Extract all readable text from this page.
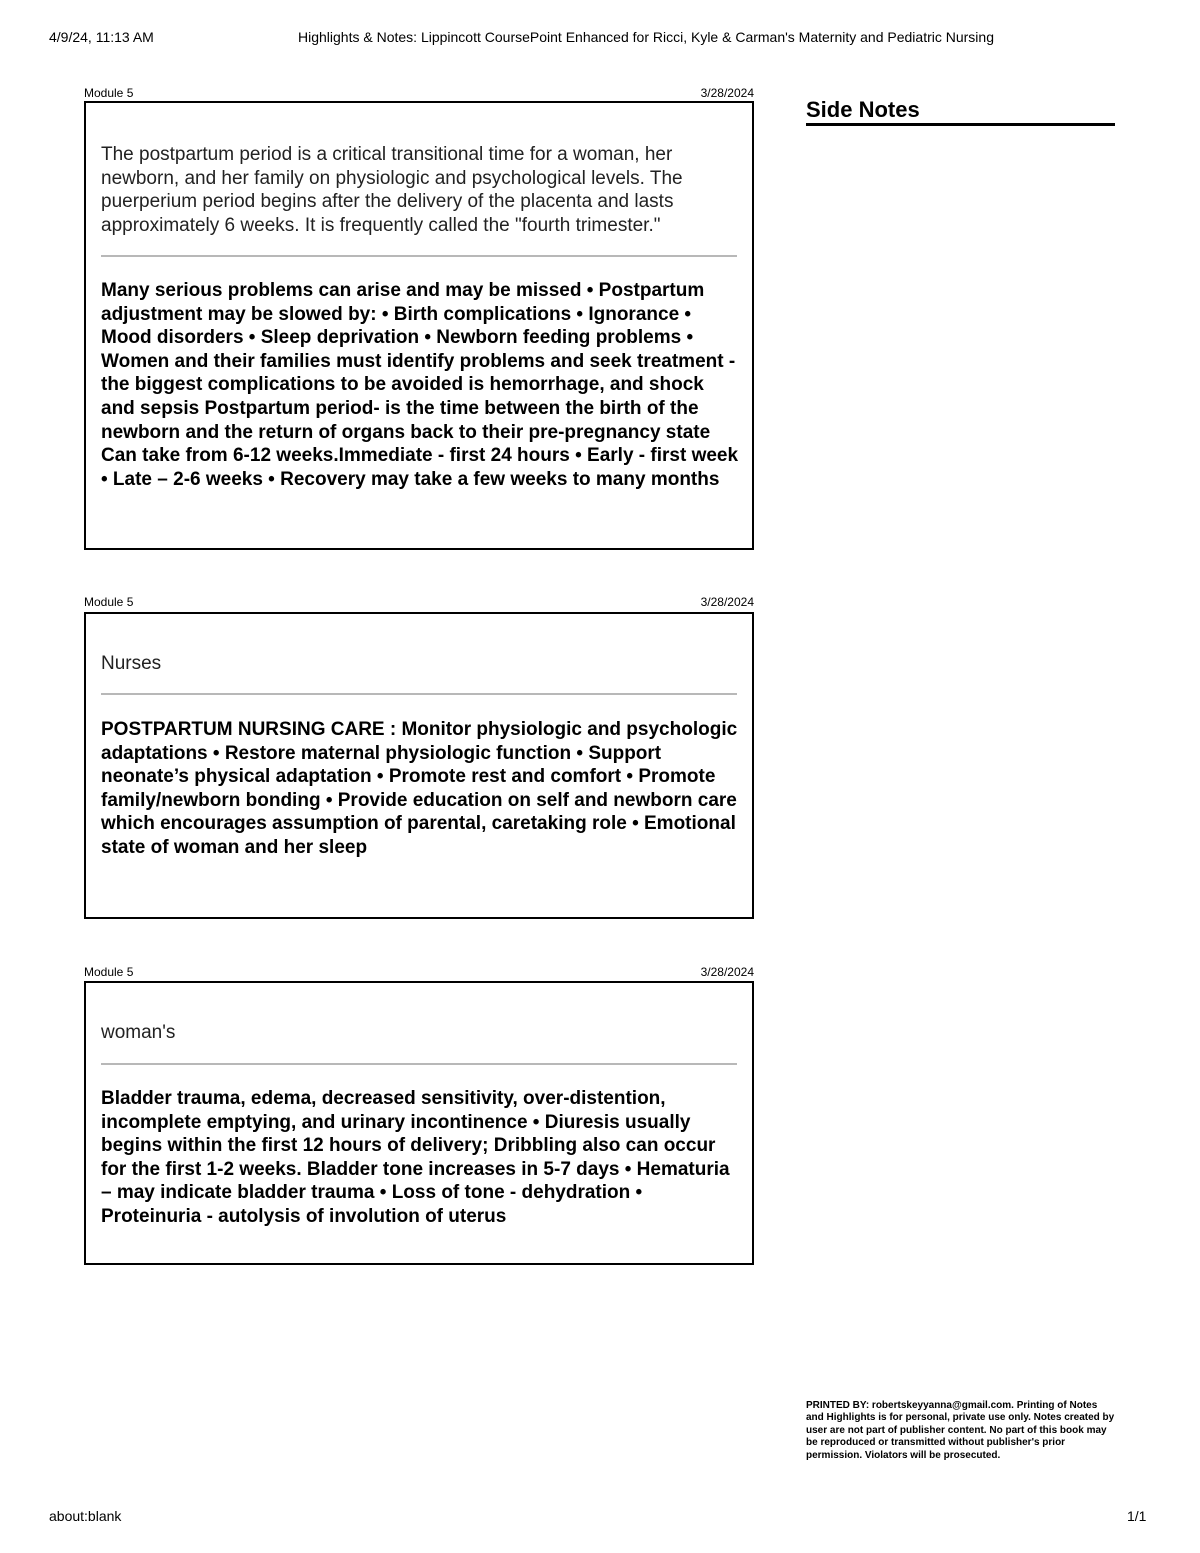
4/9/24, 11:13 AM	Highlights & Notes: Lippincott CoursePoint Enhanced for Ricci, Kyle & Carman's Maternity and Pediatric Nursing
Module 5	3/28/2024
The postpartum period is a critical transitional time for a woman, her newborn, and her family on physiologic and psychological levels. The puerperium period begins after the delivery of the placenta and lasts approximately 6 weeks. It is frequently called the "fourth trimester."
Many serious problems can arise and may be missed • Postpartum adjustment may be slowed by: • Birth complications • Ignorance • Mood disorders • Sleep deprivation • Newborn feeding problems • Women and their families must identify problems and seek treatment -the biggest complications to be avoided is hemorrhage, and shock and sepsis Postpartum period- is the time between the birth of the newborn and the return of organs back to their pre-pregnancy state Can take from 6-12 weeks.Immediate - first 24 hours • Early - first week • Late – 2-6 weeks • Recovery may take a few weeks to many months
Module 5	3/28/2024
Nurses
POSTPARTUM NURSING CARE : Monitor physiologic and psychologic adaptations • Restore maternal physiologic function • Support neonate’s physical adaptation • Promote rest and comfort • Promote family/newborn bonding • Provide education on self and newborn care which encourages assumption of parental, caretaking role • Emotional state of woman and her sleep
Module 5	3/28/2024
woman's
Bladder trauma, edema, decreased sensitivity, over-distention, incomplete emptying, and urinary incontinence • Diuresis usually begins within the first 12 hours of delivery; Dribbling also can occur for the first 1-2 weeks. Bladder tone increases in 5-7 days • Hematuria – may indicate bladder trauma • Loss of tone - dehydration • Proteinuria - autolysis of involution of uterus
Side Notes
PRINTED BY: robertskeyyanna@gmail.com. Printing of Notes and Highlights is for personal, private use only. Notes created by user are not part of publisher content. No part of this book may be reproduced or transmitted without publisher's prior permission. Violators will be prosecuted.
about:blank	1/1
